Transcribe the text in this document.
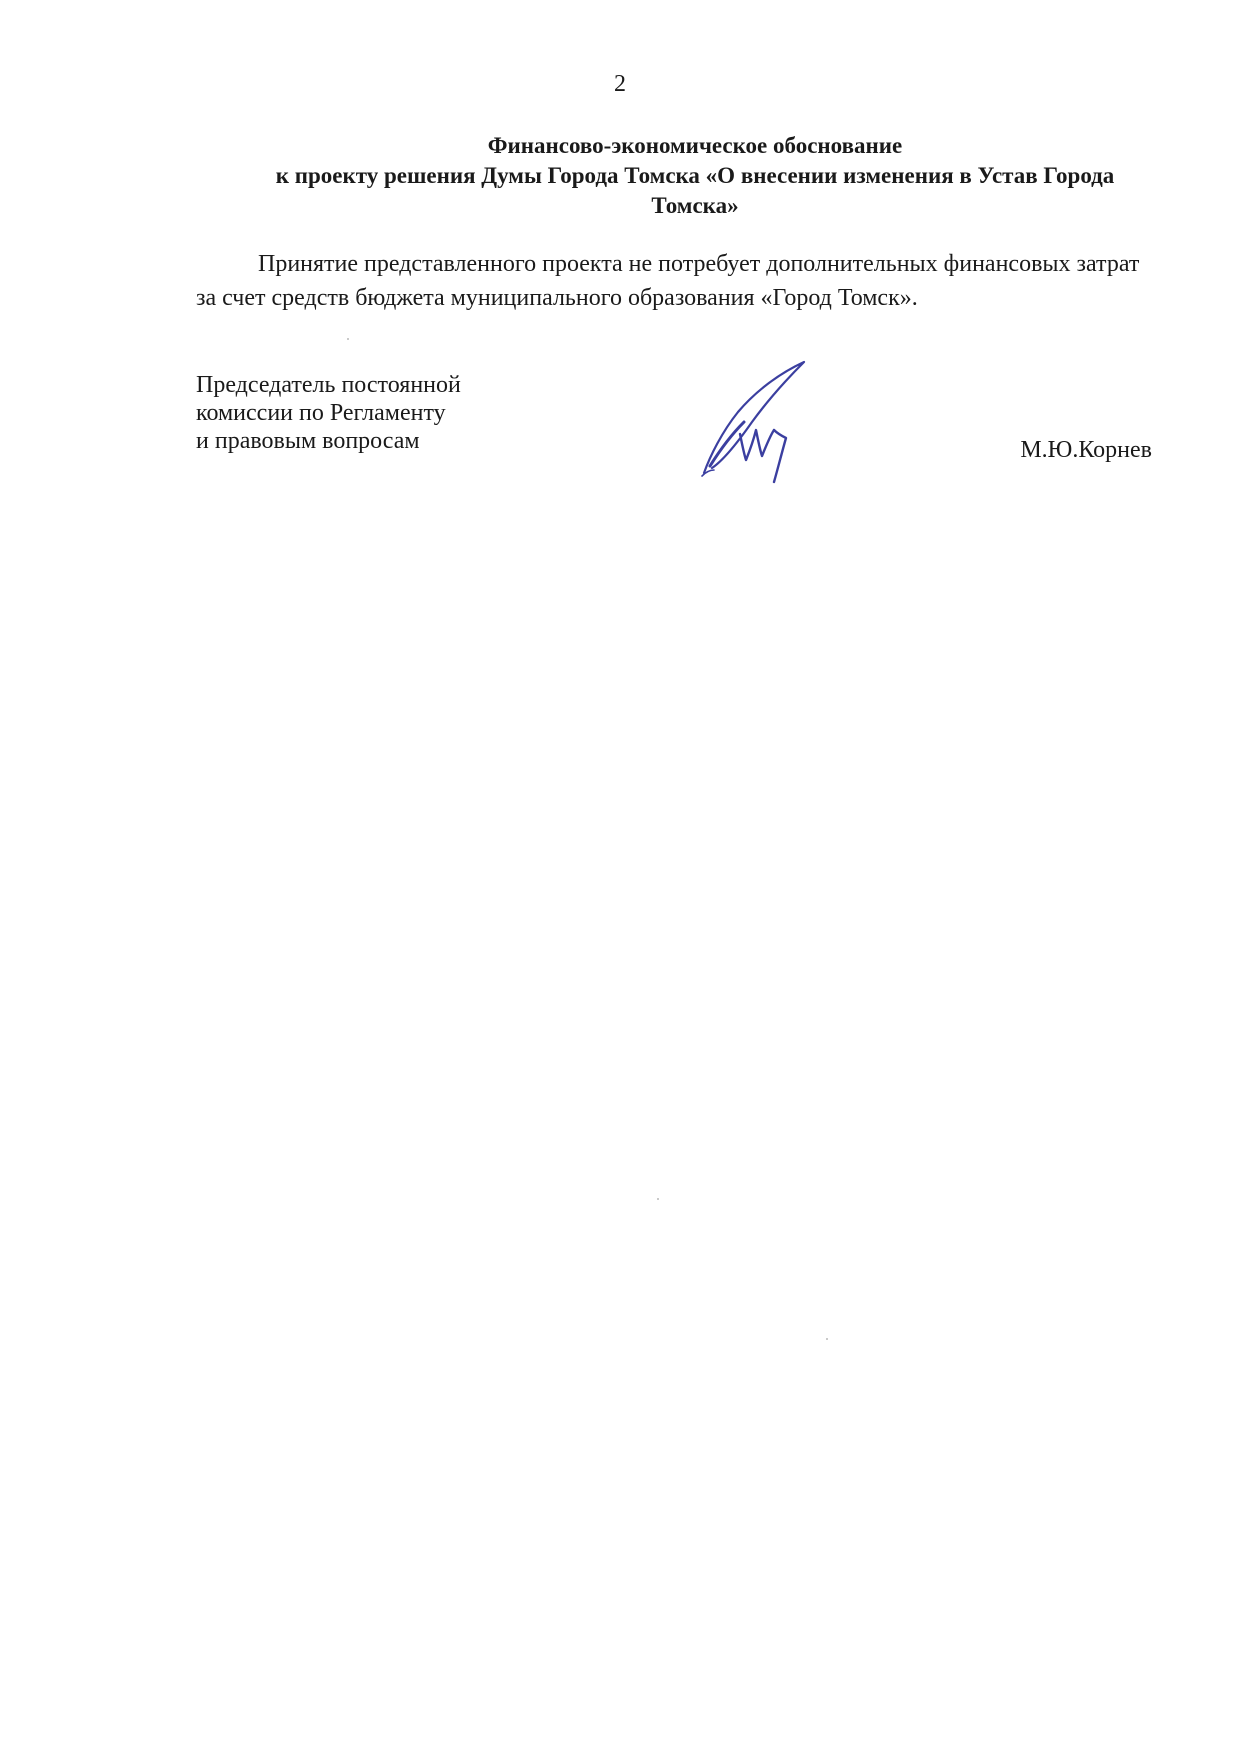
2
Финансово-экономическое обоснование
к проекту решения Думы Города Томска «О внесении изменения в Устав Города
Томска»
Принятие представленного проекта не потребует дополнительных финансовых затрат
за счет средств бюджета муниципального образования «Город Томск».
Председатель постоянной
комиссии по Регламенту
и правовым вопросам	М.Ю.Корнев
